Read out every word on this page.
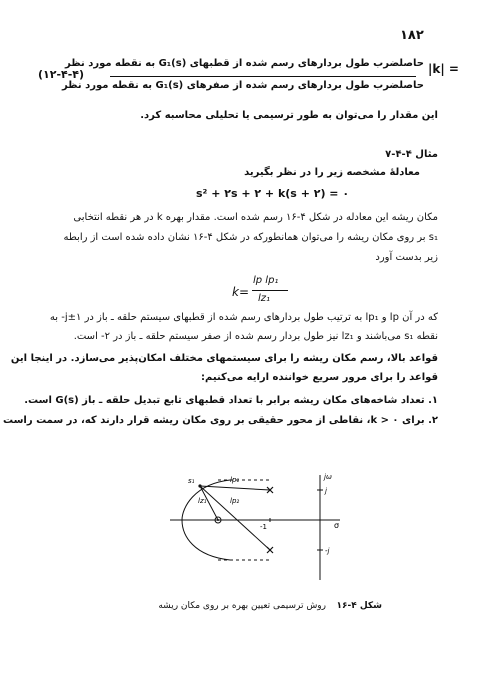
۱۸۲
(۱۲-۴-۴)	|k| =
حاصلضرب طول بردارهای رسم شده از قطبهای G₁(s) به نقطه مورد نظر
حاصلضرب طول بردارهای رسم شده از صفرهای G₁(s) به نقطه مورد نظر
این مقدار را می‌توان به طور ترسیمی یا تحلیلی محاسبه کرد.
مثال ۴-۴-۷
معادلهٔ مشخصه زیر را در نظر بگیرید
s² + ۲s + ۲ + k(s + ۲) = ۰
مکان ریشه این معادله در شکل ۴-۱۶ رسم شده است. مقدار بهره k در هر نقطه انتخابی
s₁ بر روی مکان ریشه را می‌توان همانطورکه در شکل ۴-۱۶ نشان داده شده است از رابطه
زیر بدست آورد
k=
lp lp₁
lz₁
که در آن lp و lp₁ به ترتیب طول بردارهای رسم شده از قطبهای سیستم حلقه ـ باز در ۱±j- به
نقطه s₁ می‌باشند و lz₁ نیز طول بردار رسم شده از صفر سیستم حلقه ـ باز در ۲- است.
قواعد بالا، رسم مکان ریشه را برای سیستمهای مختلف امکان‌پذیر می‌سازد. در اینجا این
قواعد را برای مرور سریع خواننده ارایه می‌کنیم:
۱. تعداد شاخه‌های مکان ریشه برابر با تعداد قطبهای تابع تبدیل حلقه ـ باز G(s) است.
۲. برای k > ۰، نقاطی از محور حقیقی بر روی مکان ریشه قرار دارند که، در سمت راست
s₁	lp₁
lz₁	lp₂
-1	σ
jω
j
-j
شکل ۴-۱۶
روش ترسیمی تعیین بهره بر روی مکان ریشه
